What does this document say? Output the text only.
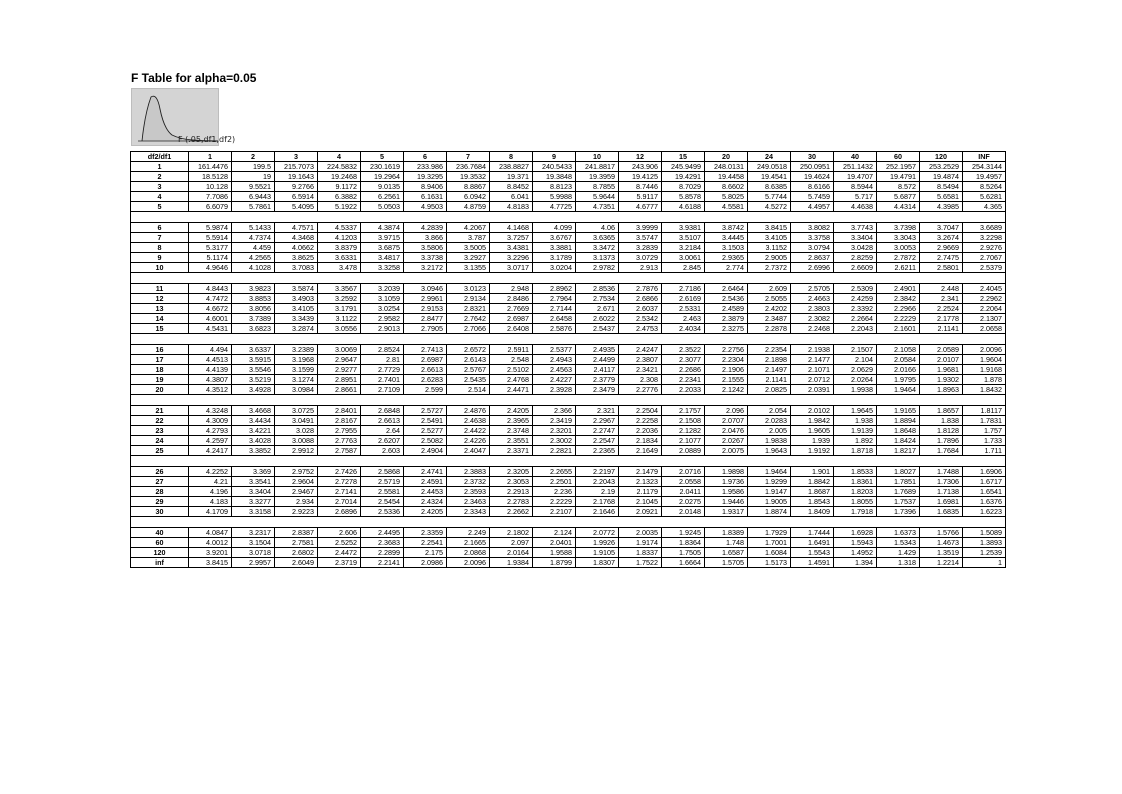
F Table for alpha=0.05
F (.05,df1,df2)
df2/df1	1	2	3	4	5	6	7	8	9	10	12	15	20	24	30	40	60	120	INF
1	161.4476	199.5	215.7073	224.5832	230.1619	233.986	236.7684	238.8827	240.5433	241.8817	243.906	245.9499	248.0131	249.0518	250.0951	251.1432	252.1957	253.2529	254.3144
2	18.5128	19	19.1643	19.2468	19.2964	19.3295	19.3532	19.371	19.3848	19.3959	19.4125	19.4291	19.4458	19.4541	19.4624	19.4707	19.4791	19.4874	19.4957
3	10.128	9.5521	9.2766	9.1172	9.0135	8.9406	8.8867	8.8452	8.8123	8.7855	8.7446	8.7029	8.6602	8.6385	8.6166	8.5944	8.572	8.5494	8.5264
4	7.7086	6.9443	6.5914	6.3882	6.2561	6.1631	6.0942	6.041	5.9988	5.9644	5.9117	5.8578	5.8025	5.7744	5.7459	5.717	5.6877	5.6581	5.6281
5	6.6079	5.7861	5.4095	5.1922	5.0503	4.9503	4.8759	4.8183	4.7725	4.7351	4.6777	4.6188	4.5581	4.5272	4.4957	4.4638	4.4314	4.3985	4.365

6	5.9874	5.1433	4.7571	4.5337	4.3874	4.2839	4.2067	4.1468	4.099	4.06	3.9999	3.9381	3.8742	3.8415	3.8082	3.7743	3.7398	3.7047	3.6689
7	5.5914	4.7374	4.3468	4.1203	3.9715	3.866	3.787	3.7257	3.6767	3.6365	3.5747	3.5107	3.4445	3.4105	3.3758	3.3404	3.3043	3.2674	3.2298
8	5.3177	4.459	4.0662	3.8379	3.6875	3.5806	3.5005	3.4381	3.3881	3.3472	3.2839	3.2184	3.1503	3.1152	3.0794	3.0428	3.0053	2.9669	2.9276
9	5.1174	4.2565	3.8625	3.6331	3.4817	3.3738	3.2927	3.2296	3.1789	3.1373	3.0729	3.0061	2.9365	2.9005	2.8637	2.8259	2.7872	2.7475	2.7067
10	4.9646	4.1028	3.7083	3.478	3.3258	3.2172	3.1355	3.0717	3.0204	2.9782	2.913	2.845	2.774	2.7372	2.6996	2.6609	2.6211	2.5801	2.5379

11	4.8443	3.9823	3.5874	3.3567	3.2039	3.0946	3.0123	2.948	2.8962	2.8536	2.7876	2.7186	2.6464	2.609	2.5705	2.5309	2.4901	2.448	2.4045
12	4.7472	3.8853	3.4903	3.2592	3.1059	2.9961	2.9134	2.8486	2.7964	2.7534	2.6866	2.6169	2.5436	2.5055	2.4663	2.4259	2.3842	2.341	2.2962
13	4.6672	3.8056	3.4105	3.1791	3.0254	2.9153	2.8321	2.7669	2.7144	2.671	2.6037	2.5331	2.4589	2.4202	2.3803	2.3392	2.2966	2.2524	2.2064
14	4.6001	3.7389	3.3439	3.1122	2.9582	2.8477	2.7642	2.6987	2.6458	2.6022	2.5342	2.463	2.3879	2.3487	2.3082	2.2664	2.2229	2.1778	2.1307
15	4.5431	3.6823	3.2874	3.0556	2.9013	2.7905	2.7066	2.6408	2.5876	2.5437	2.4753	2.4034	2.3275	2.2878	2.2468	2.2043	2.1601	2.1141	2.0658

16	4.494	3.6337	3.2389	3.0069	2.8524	2.7413	2.6572	2.5911	2.5377	2.4935	2.4247	2.3522	2.2756	2.2354	2.1938	2.1507	2.1058	2.0589	2.0096
17	4.4513	3.5915	3.1968	2.9647	2.81	2.6987	2.6143	2.548	2.4943	2.4499	2.3807	2.3077	2.2304	2.1898	2.1477	2.104	2.0584	2.0107	1.9604
18	4.4139	3.5546	3.1599	2.9277	2.7729	2.6613	2.5767	2.5102	2.4563	2.4117	2.3421	2.2686	2.1906	2.1497	2.1071	2.0629	2.0166	1.9681	1.9168
19	4.3807	3.5219	3.1274	2.8951	2.7401	2.6283	2.5435	2.4768	2.4227	2.3779	2.308	2.2341	2.1555	2.1141	2.0712	2.0264	1.9795	1.9302	1.878
20	4.3512	3.4928	3.0984	2.8661	2.7109	2.599	2.514	2.4471	2.3928	2.3479	2.2776	2.2033	2.1242	2.0825	2.0391	1.9938	1.9464	1.8963	1.8432

21	4.3248	3.4668	3.0725	2.8401	2.6848	2.5727	2.4876	2.4205	2.366	2.321	2.2504	2.1757	2.096	2.054	2.0102	1.9645	1.9165	1.8657	1.8117
22	4.3009	3.4434	3.0491	2.8167	2.6613	2.5491	2.4638	2.3965	2.3419	2.2967	2.2258	2.1508	2.0707	2.0283	1.9842	1.938	1.8894	1.838	1.7831
23	4.2793	3.4221	3.028	2.7955	2.64	2.5277	2.4422	2.3748	2.3201	2.2747	2.2036	2.1282	2.0476	2.005	1.9605	1.9139	1.8648	1.8128	1.757
24	4.2597	3.4028	3.0088	2.7763	2.6207	2.5082	2.4226	2.3551	2.3002	2.2547	2.1834	2.1077	2.0267	1.9838	1.939	1.892	1.8424	1.7896	1.733
25	4.2417	3.3852	2.9912	2.7587	2.603	2.4904	2.4047	2.3371	2.2821	2.2365	2.1649	2.0889	2.0075	1.9643	1.9192	1.8718	1.8217	1.7684	1.711

26	4.2252	3.369	2.9752	2.7426	2.5868	2.4741	2.3883	2.3205	2.2655	2.2197	2.1479	2.0716	1.9898	1.9464	1.901	1.8533	1.8027	1.7488	1.6906
27	4.21	3.3541	2.9604	2.7278	2.5719	2.4591	2.3732	2.3053	2.2501	2.2043	2.1323	2.0558	1.9736	1.9299	1.8842	1.8361	1.7851	1.7306	1.6717
28	4.196	3.3404	2.9467	2.7141	2.5581	2.4453	2.3593	2.2913	2.236	2.19	2.1179	2.0411	1.9586	1.9147	1.8687	1.8203	1.7689	1.7138	1.6541
29	4.183	3.3277	2.934	2.7014	2.5454	2.4324	2.3463	2.2783	2.2229	2.1768	2.1045	2.0275	1.9446	1.9005	1.8543	1.8055	1.7537	1.6981	1.6376
30	4.1709	3.3158	2.9223	2.6896	2.5336	2.4205	2.3343	2.2662	2.2107	2.1646	2.0921	2.0148	1.9317	1.8874	1.8409	1.7918	1.7396	1.6835	1.6223

40	4.0847	3.2317	2.8387	2.606	2.4495	2.3359	2.249	2.1802	2.124	2.0772	2.0035	1.9245	1.8389	1.7929	1.7444	1.6928	1.6373	1.5766	1.5089
60	4.0012	3.1504	2.7581	2.5252	2.3683	2.2541	2.1665	2.097	2.0401	1.9926	1.9174	1.8364	1.748	1.7001	1.6491	1.5943	1.5343	1.4673	1.3893
120	3.9201	3.0718	2.6802	2.4472	2.2899	2.175	2.0868	2.0164	1.9588	1.9105	1.8337	1.7505	1.6587	1.6084	1.5543	1.4952	1.429	1.3519	1.2539
inf	3.8415	2.9957	2.6049	2.3719	2.2141	2.0986	2.0096	1.9384	1.8799	1.8307	1.7522	1.6664	1.5705	1.5173	1.4591	1.394	1.318	1.2214	1
